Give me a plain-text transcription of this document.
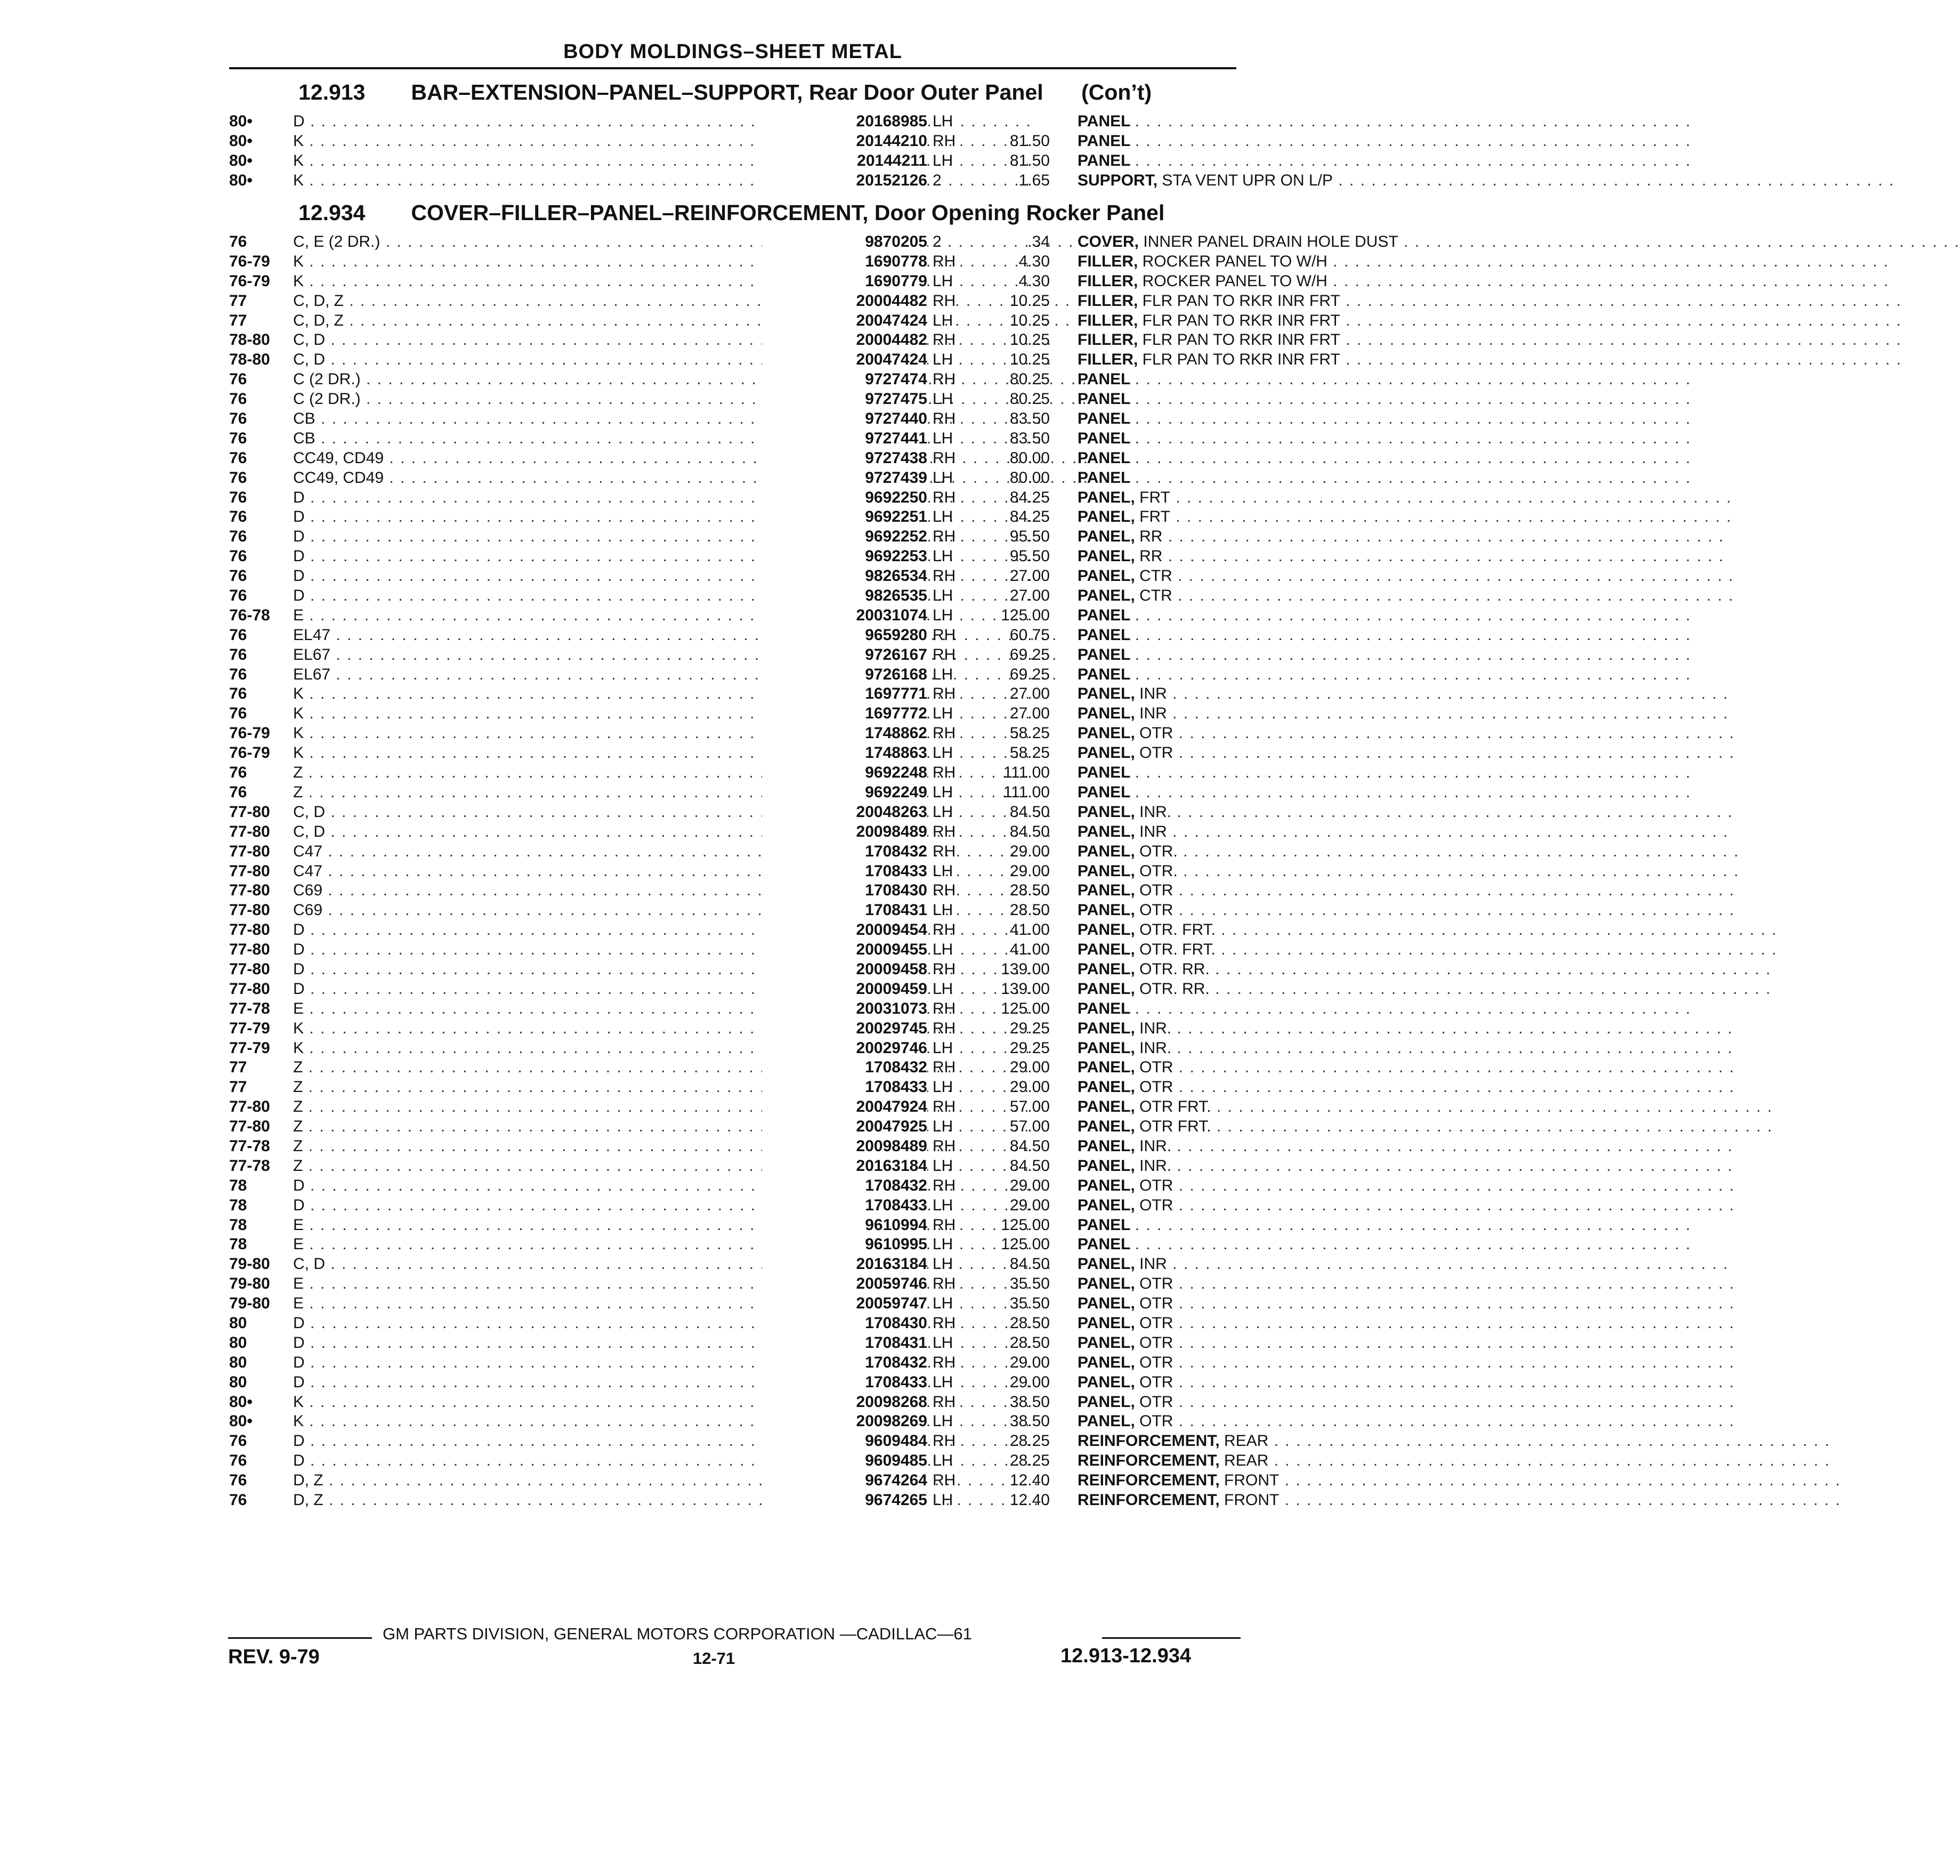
BODY MOLDINGS–SHEET METAL
12.913 BAR–EXTENSION–PANEL–SUPPORT, Rear Door Outer Panel (Con’t)
80•	D . . .	20168985 LH	PANEL . . .
80•	K . . .	20144210 RH	81.50 PANEL . . .
80•	K . . .	20144211 LH	81.50 PANEL . . .
80•	K . . .	20152126 2	1.65 SUPPORT, STA VENT UPR ON L/P . . .
12.934 COVER–FILLER–PANEL–REINFORCEMENT, Door Opening Rocker Panel
76	C, E (2 DR.) . . .	9870205 2	.34 COVER, INNER PANEL DRAIN HOLE DUST . . .
76-79 K . . .	1690778 RH	4.30 FILLER, ROCKER PANEL TO W/H . . .
76-79 K . . .	1690779 LH	4.30 FILLER, ROCKER PANEL TO W/H . . .
77	C, D, Z . . .	20004482 RH	10.25 FILLER, FLR PAN TO RKR INR FRT . . .
77	C, D, Z . . .	20047424 LH	10.25 FILLER, FLR PAN TO RKR INR FRT . . .
78-80 C, D . . .	20004482 RH	10.25 FILLER, FLR PAN TO RKR INR FRT . . .
78-80 C, D . . .	20047424 LH	10.25 FILLER, FLR PAN TO RKR INR FRT . . .
76	C (2 DR.) . . .	9727474 RH	80.25 PANEL . . .
76	C (2 DR.) . . .	9727475 LH	80.25 PANEL . . .
76	CB . . .	9727440 RH	83.50 PANEL . . .
76	CB . . .	9727441 LH	83.50 PANEL . . .
76	CC49, CD49 . . .	9727438 RH	80.00 PANEL . . .
76	CC49, CD49 . . .	9727439 LH	80.00 PANEL . . .
76	D . . .	9692250 RH	84.25 PANEL, FRT . . .
76	D . . .	9692251 LH	84.25 PANEL, FRT . . .
76	D . . .	9692252 RH	95.50 PANEL, RR . . .
76	D . . .	9692253 LH	95.50 PANEL, RR . . .
76	D . . .	9826534 RH	27.00 PANEL, CTR . . .
76	D . . .	9826535 LH	27.00 PANEL, CTR . . .
76-78 E . . .	20031074 LH	125.00 PANEL . . .
76	EL47 . . .	9659280 RH	60.75 PANEL . . .
76	EL67 . . .	9726167 RH	69.25 PANEL . . .
76	EL67 . . .	9726168 LH	69.25 PANEL . . .
76	K . . .	1697771 RH	27.00 PANEL, INR . . .
76	K . . .	1697772 LH	27.00 PANEL, INR . . .
76-79 K . . .	1748862 RH	58.25 PANEL, OTR . . .
76-79 K . . .	1748863 LH	58.25 PANEL, OTR . . .
76	Z . . .	9692248 RH	111.00 PANEL . . .
76	Z . . .	9692249 LH	111.00 PANEL . . .
77-80 C, D . . .	20048263 LH	84.50 PANEL, INR. . . .
77-80 C, D . . .	20098489 RH	84.50 PANEL, INR . . .
77-80 C47 . . .	1708432 RH	29.00 PANEL, OTR. . . .
77-80 C47 . . .	1708433 LH	29.00 PANEL, OTR. . . .
77-80 C69 . . .	1708430 RH	28.50 PANEL, OTR . . .
77-80 C69 . . .	1708431 LH	28.50 PANEL, OTR . . .
77-80 D . . .	20009454 RH	41.00 PANEL, OTR. FRT. . . .
77-80 D . . .	20009455 LH	41.00 PANEL, OTR. FRT. . . .
77-80 D . . .	20009458 RH	139.00 PANEL, OTR. RR. . . .
77-80 D . . .	20009459 LH	139.00 PANEL, OTR. RR. . . .
77-78 E . . .	20031073 RH	125.00 PANEL . . .
77-79 K . . .	20029745 RH	29.25 PANEL, INR. . . .
77-79 K . . .	20029746 LH	29.25 PANEL, INR. . . .
77	Z . . .	1708432 RH	29.00 PANEL, OTR . . .
77	Z . . .	1708433 LH	29.00 PANEL, OTR . . .
77-80 Z . . .	20047924 RH	57.00 PANEL, OTR FRT. . . .
77-80 Z . . .	20047925 LH	57.00 PANEL, OTR FRT. . . .
77-78 Z . . .	20098489 RH	84.50 PANEL, INR. . . .
77-78 Z . . .	20163184 LH	84.50 PANEL, INR. . . .
78	D . . .	1708432 RH	29.00 PANEL, OTR . . .
78	D . . .	1708433 LH	29.00 PANEL, OTR . . .
78	E . . .	9610994 RH	125.00 PANEL . . .
78	E . . .	9610995 LH	125.00 PANEL . . .
79-80 C, D . . .	20163184 LH	84.50 PANEL, INR . . .
79-80 E . . .	20059746 RH	35.50 PANEL, OTR . . .
79-80 E . . .	20059747 LH	35.50 PANEL, OTR . . .
80	D . . .	1708430 RH	28.50 PANEL, OTR . . .
80	D . . .	1708431 LH	28.50 PANEL, OTR . . .
80	D . . .	1708432 RH	29.00 PANEL, OTR . . .
80	D . . .	1708433 LH	29.00 PANEL, OTR . . .
80•	K . . .	20098268 RH	38.50 PANEL, OTR . . .
80•	K . . .	20098269 LH	38.50 PANEL, OTR . . .
76	D . . .	9609484 RH	28.25 REINFORCEMENT, REAR . . .
76	D . . .	9609485 LH	28.25 REINFORCEMENT, REAR . . .
76	D, Z . . .	9674264 RH	12.40 REINFORCEMENT, FRONT . . .
76	D, Z . . .	9674265 LH	12.40 REINFORCEMENT, FRONT . . .
GM PARTS DIVISION, GENERAL MOTORS CORPORATION —CADILLAC—61
REV. 9-79	12-71	12.913-12.934
